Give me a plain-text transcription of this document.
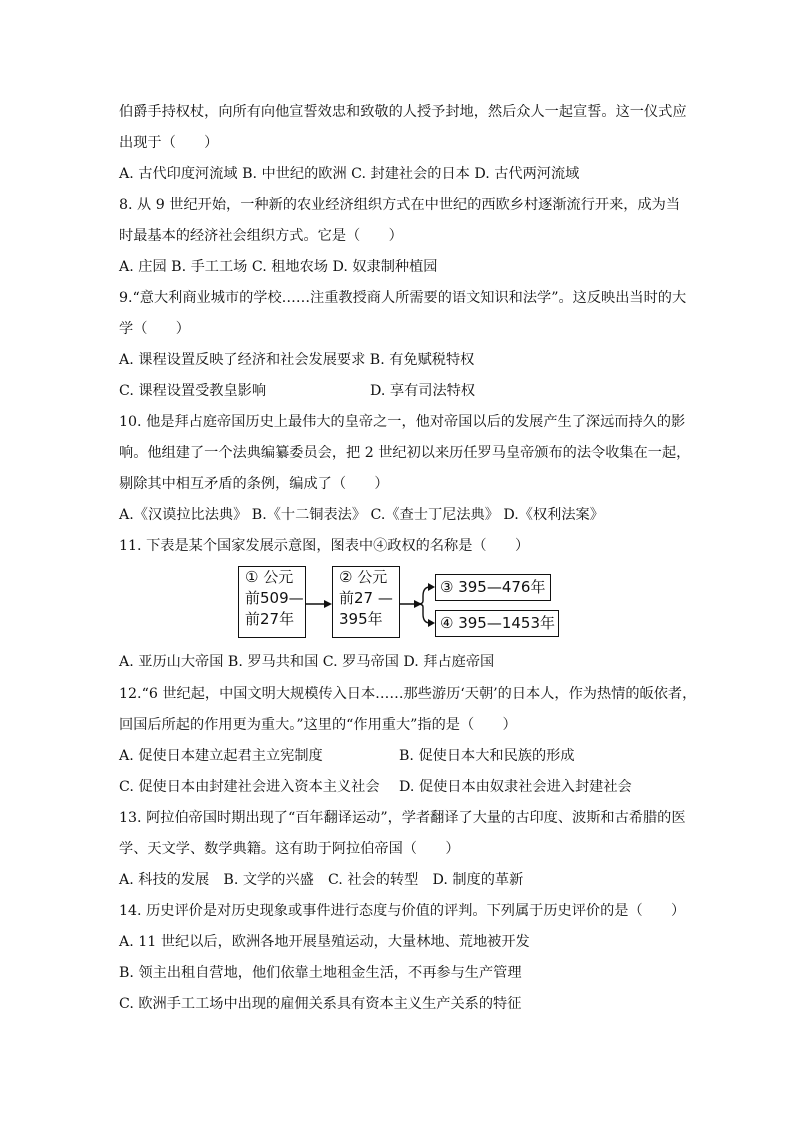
伯爵手持权杖，向所有向他宣誓效忠和致敬的人授予封地，然后众人一起宣誓。这一仪式应
出现于（　　）
A. 古代印度河流域 B. 中世纪的欧洲 C. 封建社会的日本 D. 古代两河流域
8. 从 9 世纪开始，一种新的农业经济组织方式在中世纪的西欧乡村逐渐流行开来，成为当
时最基本的经济社会组织方式。它是（　　）
A. 庄园 B. 手工工场 C. 租地农场 D. 奴隶制种植园
9.“意大利商业城市的学校……注重教授商人所需要的语文知识和法学”。这反映出当时的大
学（　　）
A. 课程设置反映了经济和社会发展要求 B. 有免赋税特权
C. 课程设置受教皇影响	D. 享有司法特权
10. 他是拜占庭帝国历史上最伟大的皇帝之一，他对帝国以后的发展产生了深远而持久的影
响。他组建了一个法典编纂委员会，把 2 世纪初以来历任罗马皇帝颁布的法令收集在一起，
剔除其中相互矛盾的条例，编成了（　　）
A.《汉谟拉比法典》 B.《十二铜表法》 C.《查士丁尼法典》 D.《权利法案》
11. 下表是某个国家发展示意图，图表中④政权的名称是（　　）
① 公元
前509—
前27年
② 公元
前27 —
395年
③ 395—476年
④ 395—1453年
A. 亚历山大帝国 B. 罗马共和国 C. 罗马帝国 D. 拜占庭帝国
12.“6 世纪起，中国文明大规模传入日本……那些游历‘天朝’的日本人，作为热情的皈依者，
回国后所起的作用更为重大。”这里的“作用重大”指的是（　　）
A. 促使日本建立起君主立宪制度	B. 促使日本大和民族的形成
C. 促使日本由封建社会进入资本主义社会 D. 促使日本由奴隶社会进入封建社会
13. 阿拉伯帝国时期出现了“百年翻译运动”，学者翻译了大量的古印度、波斯和古希腊的医
学、天文学、数学典籍。这有助于阿拉伯帝国（　　）
A. 科技的发展　B. 文学的兴盛　C. 社会的转型　D. 制度的革新
14. 历史评价是对历史现象或事件进行态度与价值的评判。下列属于历史评价的是（　　）
A. 11 世纪以后，欧洲各地开展垦殖运动，大量林地、荒地被开发
B. 领主出租自营地，他们依靠土地租金生活，不再参与生产管理
C. 欧洲手工工场中出现的雇佣关系具有资本主义生产关系的特征
